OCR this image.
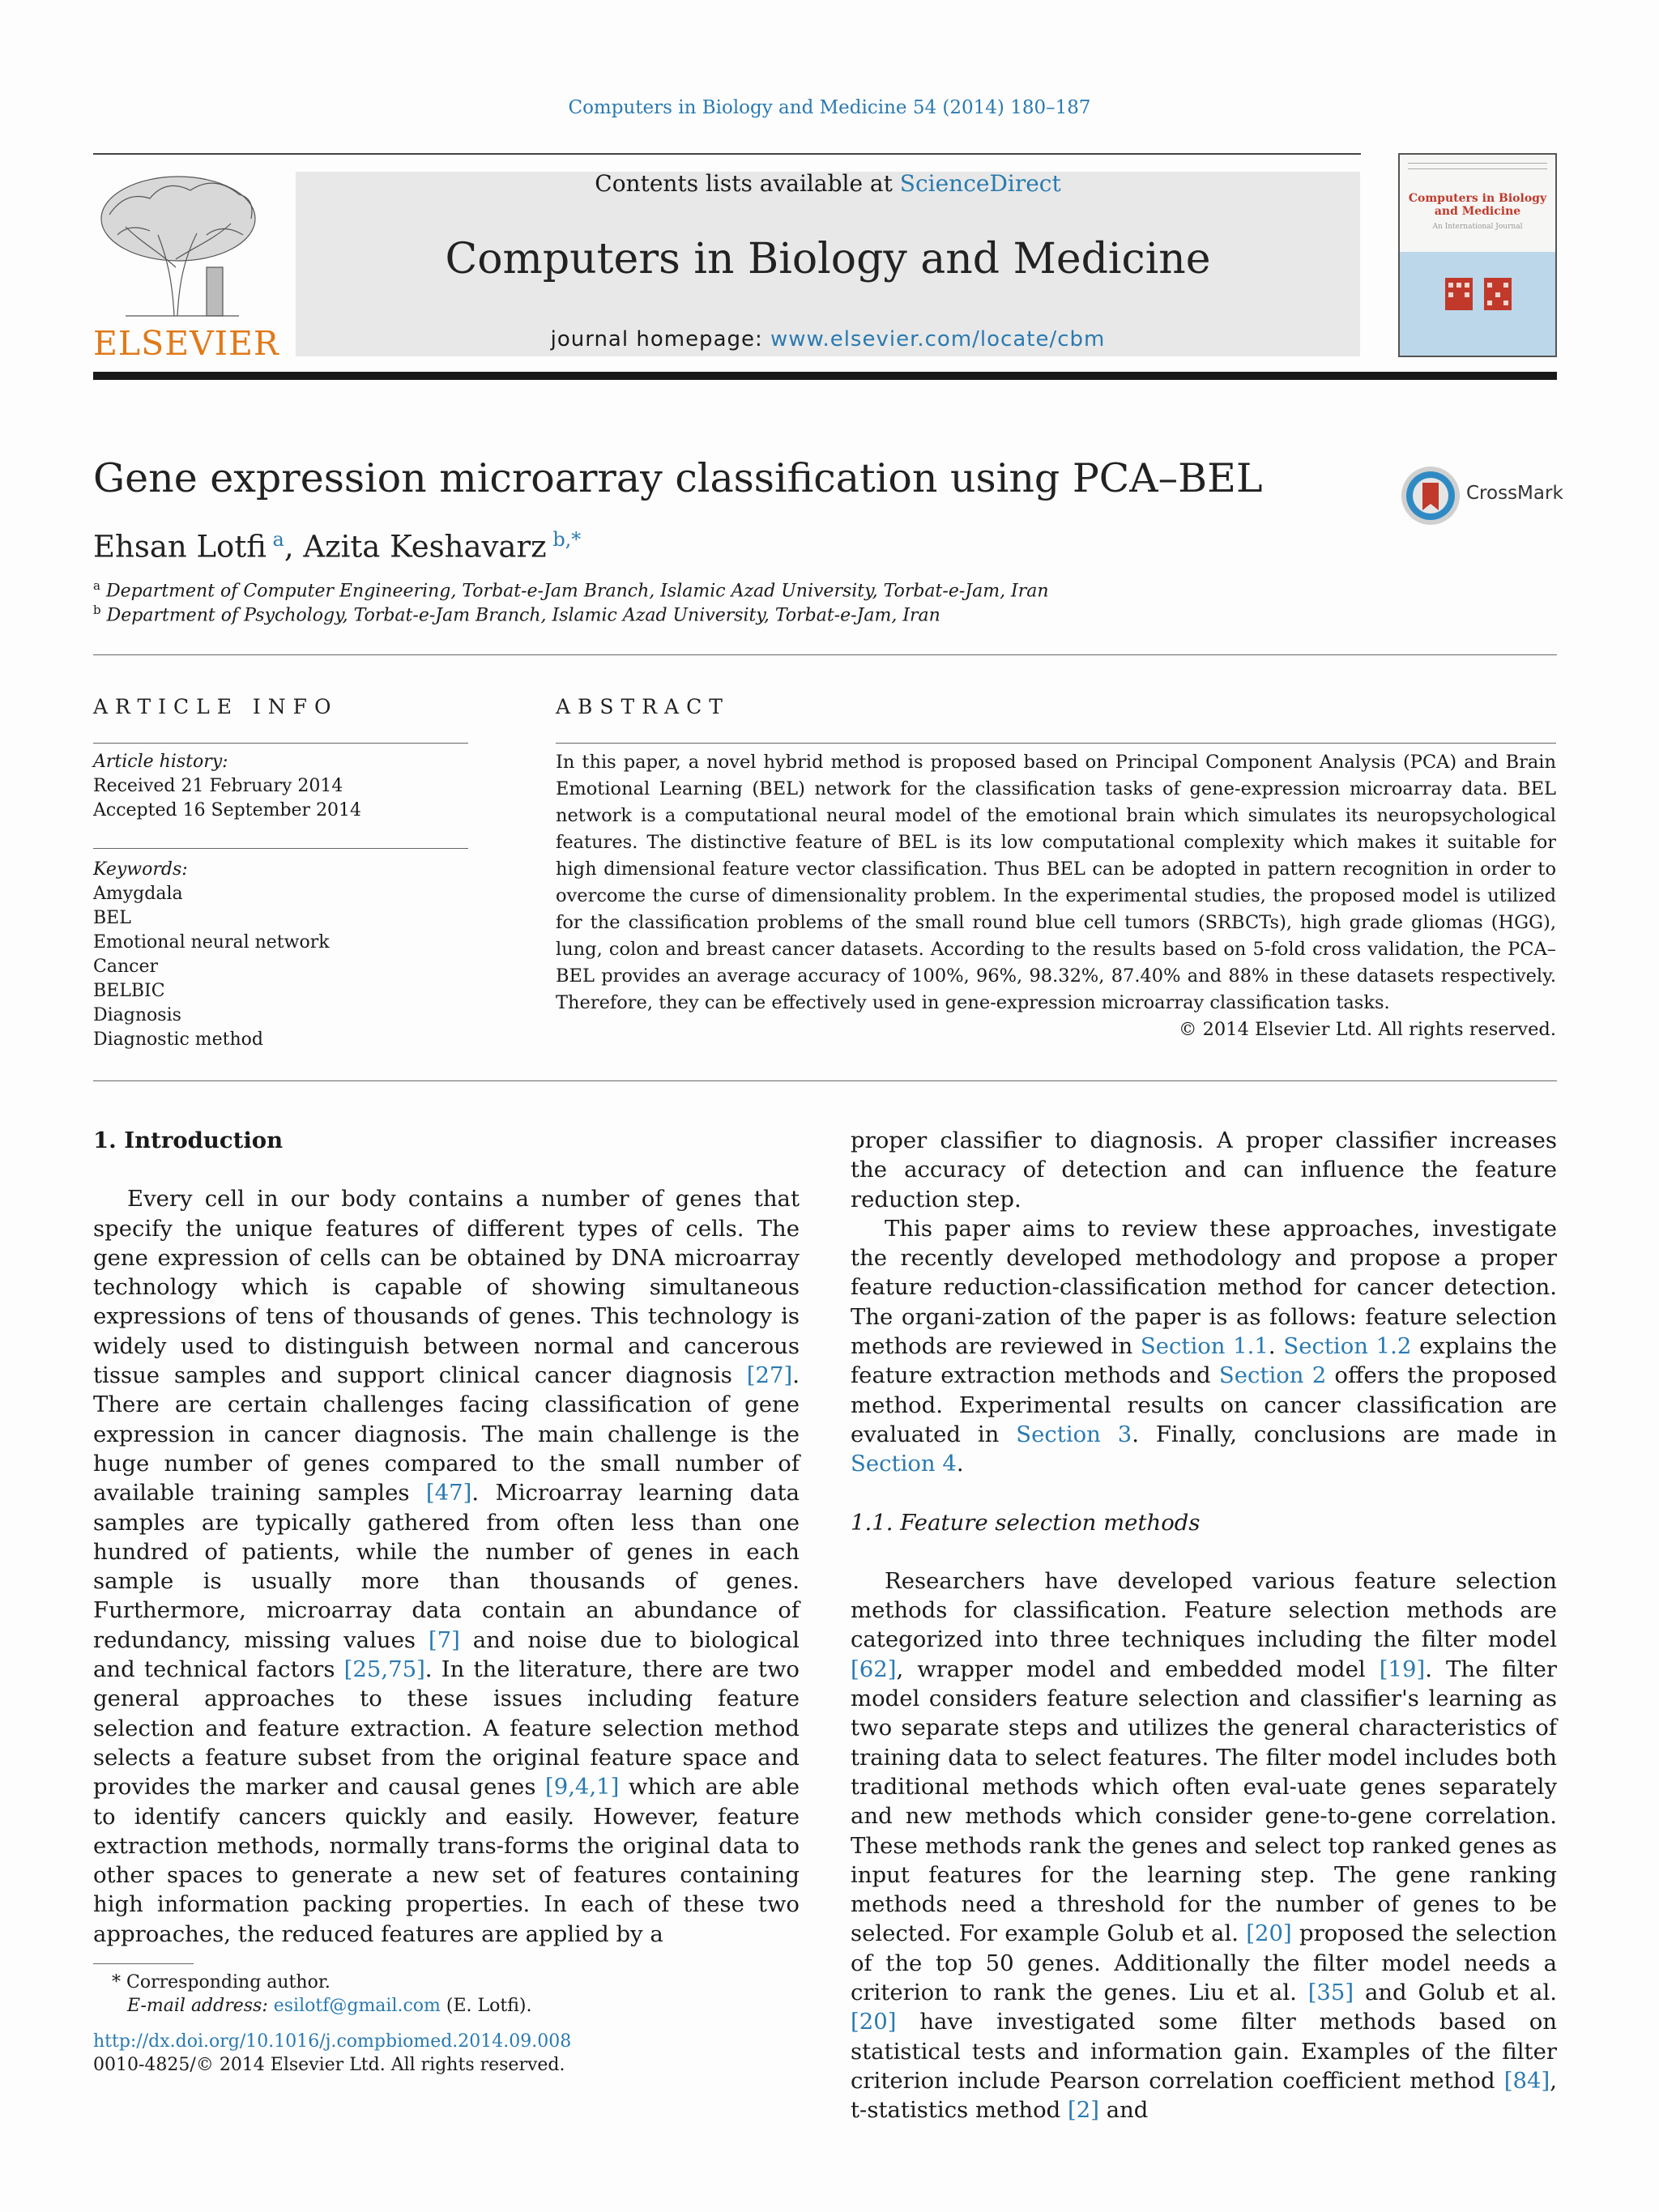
Computers in Biology and Medicine 54 (2014) 180–187
ELSEVIER
Contents lists available at ScienceDirect
Computers in Biology and Medicine
journal homepage: www.elsevier.com/locate/cbm
Computers in Biology and Medicine
An International Journal
Gene expression microarray classification using PCA–BEL	CrossMark
Ehsan Lotfi $^a$, Azita Keshavarz $^{b,*}$
$^a$ Department of Computer Engineering, Torbat-e-Jam Branch, Islamic Azad University, Torbat-e-Jam, Iran
$^b$ Department of Psychology, Torbat-e-Jam Branch, Islamic Azad University, Torbat-e-Jam, Iran
ARTICLE INFO
Article history:
Received 21 February 2014
Accepted 16 September 2014
Keywords:
Amygdala
BEL
Emotional neural network
Cancer
BELBIC
Diagnosis
Diagnostic method
ABSTRACT
In this paper, a novel hybrid method is proposed based on Principal Component Analysis (PCA) and Brain Emotional Learning (BEL) network for the classification tasks of gene-expression microarray data. BEL network is a computational neural model of the emotional brain which simulates its neuropsychological features. The distinctive feature of BEL is its low computational complexity which makes it suitable for high dimensional feature vector classification. Thus BEL can be adopted in pattern recognition in order to overcome the curse of dimensionality problem. In the experimental studies, the proposed model is utilized for the classification problems of the small round blue cell tumors (SRBCTs), high grade gliomas (HGG), lung, colon and breast cancer datasets. According to the results based on 5-fold cross validation, the PCA–BEL provides an average accuracy of 100%, 96%, 98.32%, 87.40% and 88% in these datasets respectively. Therefore, they can be effectively used in gene-expression microarray classification tasks.
© 2014 Elsevier Ltd. All rights reserved.
1. Introduction

Every cell in our body contains a number of genes that specify the unique features of different types of cells. The gene expression of cells can be obtained by DNA microarray technology which is capable of showing simultaneous expressions of tens of thousands of genes. This technology is widely used to distinguish between normal and cancerous tissue samples and support clinical cancer diagnosis [27]. There are certain challenges facing classification of gene expression in cancer diagnosis. The main challenge is the huge number of genes compared to the small number of available training samples [47]. Microarray learning data samples are typically gathered from often less than one hundred of patients, while the number of genes in each sample is usually more than thousands of genes. Furthermore, microarray data contain an abundance of redundancy, missing values [7] and noise due to biological and technical factors [25,75]. In the literature, there are two general approaches to these issues including feature selection and feature extraction. A feature selection method selects a feature subset from the original feature space and provides the marker and causal genes [9,4,1] which are able to identify cancers quickly and easily. However, feature extraction methods, normally trans-forms the original data to other spaces to generate a new set of features containing high information packing properties. In each of these two approaches, the reduced features are applied by a

* Corresponding author.
E-mail address: esilotf@gmail.com (E. Lotfi).
http://dx.doi.org/10.1016/j.compbiomed.2014.09.008
0010-4825/© 2014 Elsevier Ltd. All rights reserved.

proper classifier to diagnosis. A proper classifier increases the accuracy of detection and can influence the feature reduction step.

This paper aims to review these approaches, investigate the recently developed methodology and propose a proper feature reduction-classification method for cancer detection. The organi-zation of the paper is as follows: feature selection methods are reviewed in Section 1.1. Section 1.2 explains the feature extraction methods and Section 2 offers the proposed method. Experimental results on cancer classification are evaluated in Section 3. Finally, conclusions are made in Section 4.

1.1. Feature selection methods

Researchers have developed various feature selection methods for classification. Feature selection methods are categorized into three techniques including the filter model [62], wrapper model and embedded model [19]. The filter model considers feature selection and classifier's learning as two separate steps and utilizes the general characteristics of training data to select features. The filter model includes both traditional methods which often eval-uate genes separately and new methods which consider gene-to-gene correlation. These methods rank the genes and select top ranked genes as input features for the learning step. The gene ranking methods need a threshold for the number of genes to be selected. For example Golub et al. [20] proposed the selection of the top 50 genes. Additionally the filter model needs a criterion to rank the genes. Liu et al. [35] and Golub et al. [20] have investigated some filter methods based on statistical tests and information gain. Examples of the filter criterion include Pearson correlation coefficient method [84], t-statistics method [2] and
